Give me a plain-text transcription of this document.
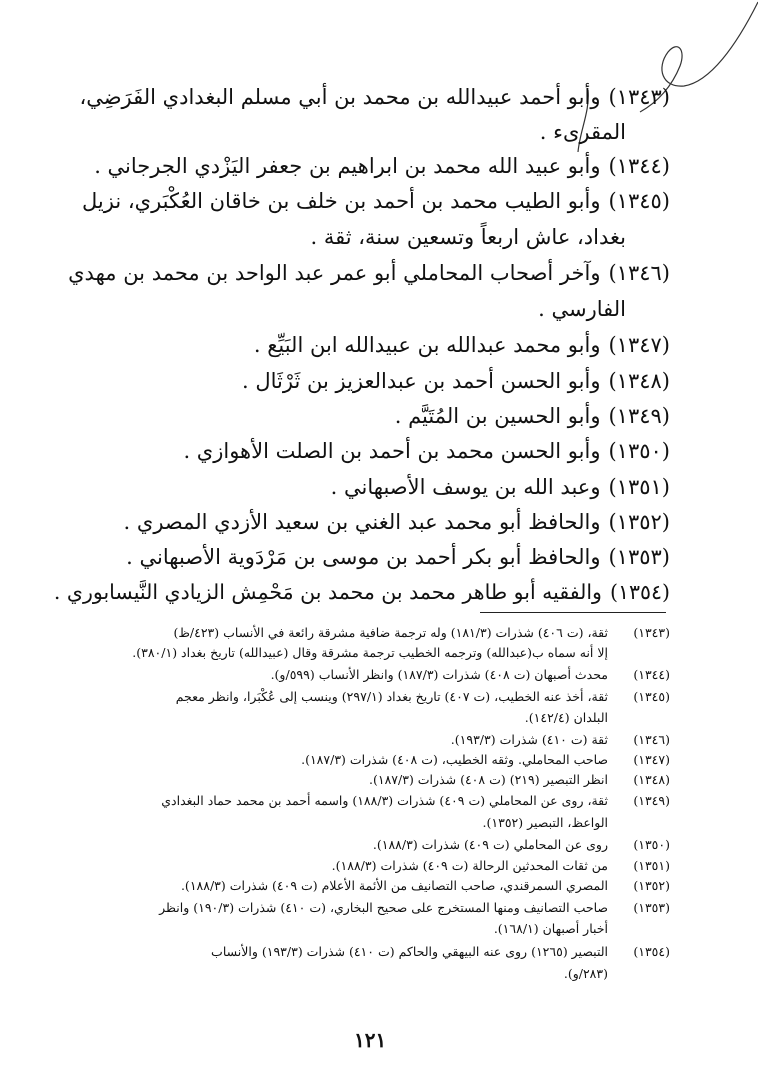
(١٣٤٣)وأبو أحمد عبيدالله بن محمد بن أبي مسلم البغدادي الفَرَضِي،
المقرىء .
(١٣٤٤)وأبو عبيد الله محمد بن ابراهيم بن جعفر اليَزْدي الجرجاني .
(١٣٤٥)وأبو الطيب محمد بن أحمد بن خلف بن خاقان العُكْبَري، نزيل
بغداد، عاش اربعاً وتسعين سنة، ثقة .
(١٣٤٦)وآخر أصحاب المحاملي أبو عمر عبد الواحد بن محمد بن مهدي
الفارسي .
(١٣٤٧)وأبو محمد عبدالله بن عبيدالله ابن البَيِّع .
(١٣٤٨)وأبو الحسن أحمد بن عبدالعزيز بن ثَرْثَال .
(١٣٤٩)وأبو الحسين بن المُتَيَّم .
(١٣٥٠)وأبو الحسن محمد بن أحمد بن الصلت الأهوازي .
(١٣٥١)وعبد الله بن يوسف الأصبهاني .
(١٣٥٢)والحافظ أبو محمد عبد الغني بن سعيد الأزدي المصري .
(١٣٥٣)والحافظ أبو بكر أحمد بن موسى بن مَرْدَوية الأصبهاني .
(١٣٥٤)والفقيه أبو طاهر محمد بن محمد بن مَحْمِش الزيادي النَّيسابوري .
(١٣٤٣)
ثقة، (ت ٤٠٦) شذرات (١٨١/٣) وله ترجمة ضافية مشرقة رائعة في الأنساب (٤٢٣/ظ)
إلا أنه سماه ب(عبدالله) وترجمه الخطيب ترجمة مشرقة وقال (عبيدالله) تاريخ بغداد (٣٨٠/١).
(١٣٤٤)
محدث أصبهان (ت ٤٠٨) شذرات (١٨٧/٣) وانظر الأنساب (٥٩٩/و).
(١٣٤٥)
ثقة، أخذ عنه الخطيب، (ت ٤٠٧) تاريخ بغداد (٢٩٧/١) وينسب إلى عُكْبَرا، وانظر معجم
البلدان (١٤٢/٤).
(١٣٤٦)
ثقة (ت ٤١٠) شذرات (١٩٣/٣).
(١٣٤٧)
صاحب المحاملي. وثقه الخطيب، (ت ٤٠٨) شذرات (١٨٧/٣).
(١٣٤٨)
انظر التبصير (٢١٩) (ت ٤٠٨) شذرات (١٨٧/٣).
(١٣٤٩)
ثقة، روى عن المحاملي (ت ٤٠٩) شذرات (١٨٨/٣) واسمه أحمد بن محمد حماد البغدادي
الواعظ، التبصير (١٣٥٢).
(١٣٥٠)
روى عن المحاملي (ت ٤٠٩) شذرات (١٨٨/٣).
(١٣٥١)
من ثقات المحدثين الرحالة (ت ٤٠٩) شذرات (١٨٨/٣).
(١٣٥٢)
المصري السمرقندي، صاحب التصانيف من الأئمة الأعلام (ت ٤٠٩) شذرات (١٨٨/٣).
(١٣٥٣)
صاحب التصانيف ومنها المستخرج على صحيح البخاري، (ت ٤١٠) شذرات (١٩٠/٣) وانظر
أخبار أصبهان (١٦٨/١).
(١٣٥٤)
التبصير (١٢٦٥) روى عنه البيهقي والحاكم (ت ٤١٠) شذرات (١٩٣/٣) والأنساب
(٢٨٣/و).
١٢١
